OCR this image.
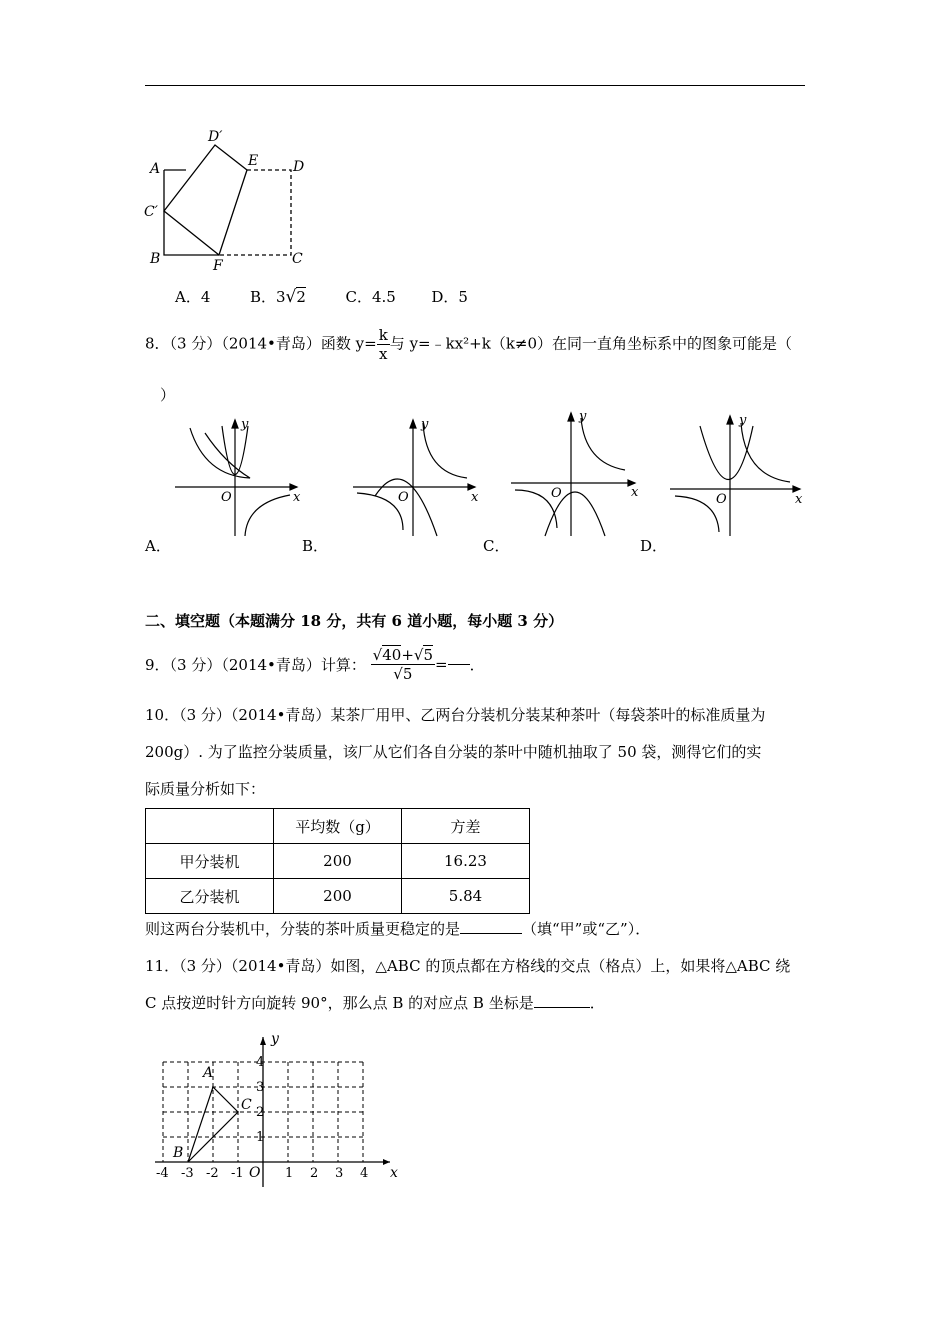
A
D′
E D
C′
B	F	C
A．4	B．3√2	C．4.5 D．5
8．（3 分）（2014•青岛）函数 $y= \frac{k}{x}$ 与 y=﹣kx²+k（k≠0）在同一直角坐标系中的图象可能是（
）
y
x
O
y
x
O
y
x
O
y
x
O
A．	B．	C．	D．
二、填空题（本题满分 18 分，共有 6 道小题，每小题 3 分）
9．（3 分）（2014•青岛）计算： $\frac{√40+√5}{√5}$ = ．
10．（3 分）（2014•青岛）某茶厂用甲、乙两台分装机分装某种茶叶（每袋茶叶的标准质量为
200g）. 为了监控分装质量，该厂从它们各自分装的茶叶中随机抽取了 50 袋，测得它们的实
际质量分析如下：
	平均数（g）	方差
甲分装机	200	16.23
乙分装机	200	5.84
则这两台分装机中，分装的茶叶质量更稳定的是	（填“甲”或“乙”）．
11．（3 分）（2014•青岛）如图，△ABC 的顶点都在方格线的交点（格点）上，如果将△ABC 绕
C 点按逆时针方向旋转 90°，那么点 B 的对应点 B 坐标是	．
y
x
O
A
B
C
-4 -3 -2 -1	1 2 3 4
1
2
3
4
